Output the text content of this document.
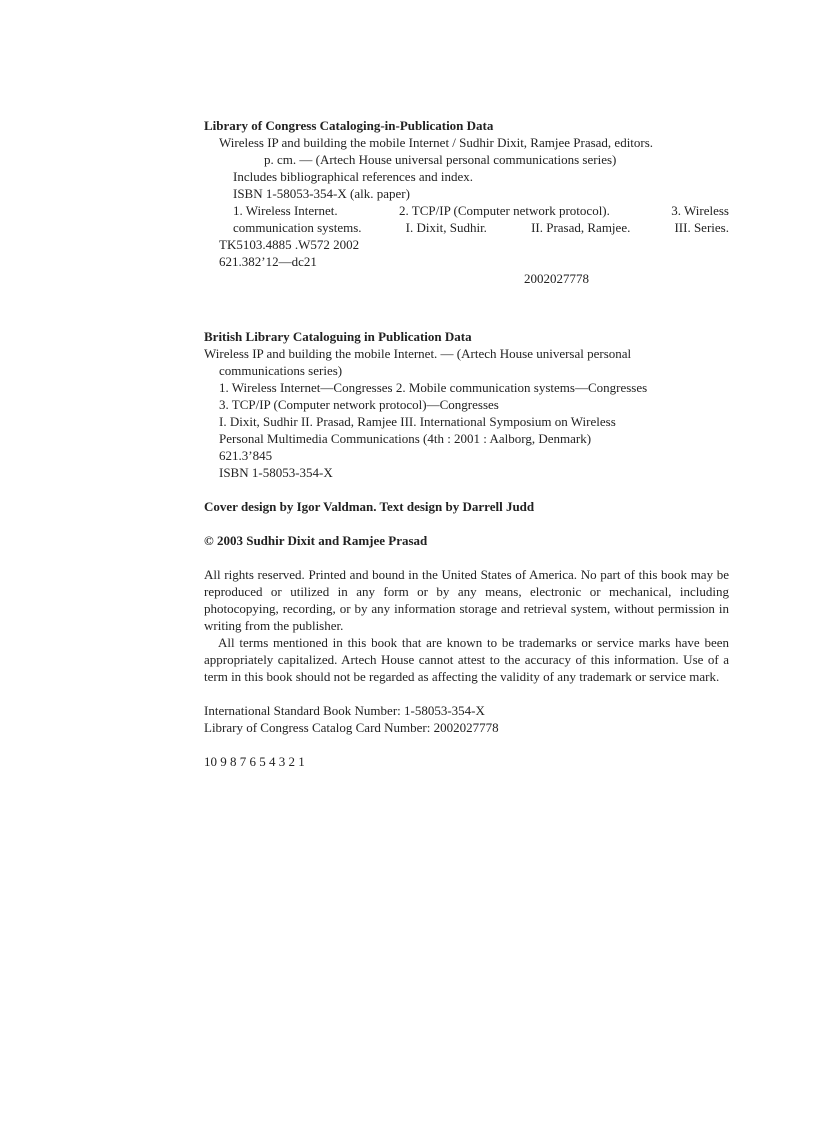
Library of Congress Cataloging-in-Publication Data
Wireless IP and building the mobile Internet / Sudhir Dixit, Ramjee Prasad, editors.
p. cm. — (Artech House universal personal communications series)
Includes bibliographical references and index.
ISBN 1-58053-354-X (alk. paper)
1. Wireless Internet.	2. TCP/IP (Computer network protocol).	3. Wireless
communication systems.	I. Dixit, Sudhir.	II. Prasad, Ramjee.	III. Series.
TK5103.4885 .W572 2002
621.382’12—dc21
2002027778
British Library Cataloguing in Publication Data
Wireless IP and building the mobile Internet. — (Artech House universal personal
communications series)
1. Wireless Internet—Congresses 2. Mobile communication systems—Congresses
3. TCP/IP (Computer network protocol)—Congresses
I. Dixit, Sudhir II. Prasad, Ramjee III. International Symposium on Wireless
Personal Multimedia Communications (4th : 2001 : Aalborg, Denmark)
621.3’845
ISBN 1-58053-354-X
Cover design by Igor Valdman. Text design by Darrell Judd
© 2003 Sudhir Dixit and Ramjee Prasad
All rights reserved. Printed and bound in the United States of America. No part of this book may be reproduced or utilized in any form or by any means, electronic or mechanical, including photocopying, recording, or by any information storage and retrieval system, without permission in writing from the publisher.
All terms mentioned in this book that are known to be trademarks or service marks have been appropriately capitalized. Artech House cannot attest to the accuracy of this information. Use of a term in this book should not be regarded as affecting the validity of any trademark or service mark.
International Standard Book Number: 1-58053-354-X
Library of Congress Catalog Card Number: 2002027778
10 9 8 7 6 5 4 3 2 1
